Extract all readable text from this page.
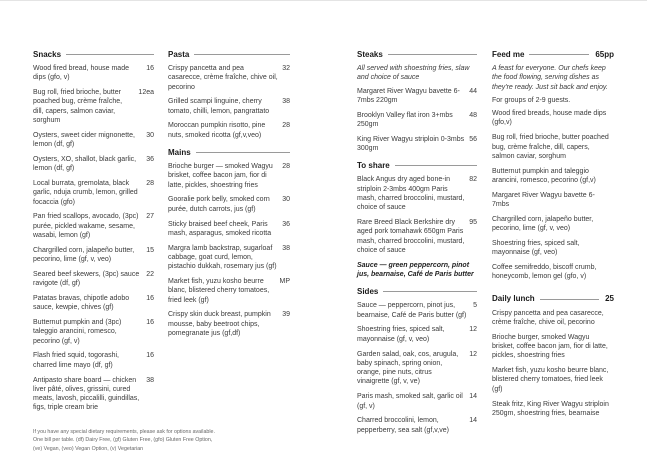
Snacks
Wood fired bread, house made dips (gfo, v)
16
Bug roll, fried brioche, butter poached bug, crème fraîche, dill, capers, salmon caviar, sorghum
12ea
Oysters, sweet cider mignonette, lemon (df, gf)
30
Oysters, XO, shallot, black garlic, lemon (df, gf)
36
Local burrata, gremolata, black garlic, nduja crumb, lemon, grilled focaccia (gfo)
28
Pan fried scallops, avocado, (3pc) purée, pickled wakame, sesame, wasabi, lemon (gf)
27
Chargrilled corn, jalapeño butter, pecorino, lime (gf, v, veo)
15
Seared beef skewers, (3pc) sauce ravigote (df, gf)
22
Patatas bravas, chipotle adobo sauce, kewpie, chives (gf)
16
Butternut pumpkin and (3pc) taleggio arancini, romesco, pecorino (gf, v)
16
Flash fried squid, togorashi, charred lime mayo (df, gf)
16
Antipasto share board — chicken liver pâté, olives, grissini, cured meats, lavosh, piccalilli, guindillas, figs, triple cream brie
38
Pasta
Crispy pancetta and pea casarecce, crème fraîche, chive oil, pecorino
32
Grilled scampi linguine, cherry tomato, chilli, lemon, pangrattato
38
Moroccan pumpkin risotto, pine nuts, smoked ricotta (gf,v,veo)
28
Mains
Brioche burger — smoked Wagyu brisket, coffee bacon jam, fior di latte, pickles, shoestring fries
28
Gooralie pork belly, smoked corn purée, dutch carrots, jus (gf)
30
Sticky braised beef cheek, Paris mash, asparagus, smoked ricotta
36
Margra lamb backstrap, sugarloaf cabbage, goat curd, lemon, pistachio dukkah, rosemary jus (gf)
38
Market fish, yuzu kosho beurre blanc, blistered cherry tomatoes, fried leek (gf)
MP
Crispy skin duck breast, pumpkin mousse, baby beetroot chips, pomegranate jus (gf,df)
39
If you have any special dietary requirements, please ask for options available.
One bill per table. (df) Dairy Free, (gf) Gluten Free, (gfo) Gluten Free Option,
(ve) Vegan, (veo) Vegan Option, (v) Vegetarian
Steaks
All served with shoestring fries, slaw and choice of sauce
Margaret River Wagyu bavette 6-7mbs 220gm
44
Brooklyn Valley flat iron 3+mbs 250gm
48
King River Wagyu striploin 0-3mbs 300gm
56
To share
Black Angus dry aged bone-in striploin 2-3mbs 400gm Paris mash, charred broccolini, mustard, choice of sauce
82
Rare Breed Black Berkshire dry aged pork tomahawk 650gm Paris mash, charred broccolini, mustard, choice of sauce
95
Sauce — green peppercorn, pinot jus, bearnaise, Café de Paris butter
Sides
Sauce — peppercorn, pinot jus, bearnaise, Café de Paris butter (gf)
5
Shoestring fries, spiced salt, mayonnaise (gf, v, veo)
12
Garden salad, oak, cos, arugula, baby spinach, spring onion, orange, pine nuts, citrus vinaigrette (gf, v, ve)
12
Paris mash, smoked salt, garlic oil (gf, v)
14
Charred broccolini, lemon, pepperberry, sea salt (gf,v,ve)
14
Feed me	65pp
A feast for everyone. Our chefs keep the food flowing, serving dishes as they're ready. Just sit back and enjoy.
For groups of 2-9 guests.
Wood fired breads, house made dips (gfo,v)
Bug roll, fried brioche, butter poached bug, crème fraîche, dill, capers, salmon caviar, sorghum
Butternut pumpkin and taleggio arancini, romesco, pecorino (gf,v)
Margaret River Wagyu bavette 6-7mbs
Chargrilled corn, jalapeño butter, pecorino, lime (gf, v, veo)
Shoestring fries, spiced salt, mayonnaise (gf, veo)
Coffee semifreddo, biscoff crumb, honeycomb, lemon gel (gfo, v)
Daily lunch	25
Crispy pancetta and pea casarecce, crème fraîche, chive oil, pecorino
Brioche burger, smoked Wagyu brisket, coffee bacon jam, fior di latte, pickles, shoestring fries
Market fish, yuzu kosho beurre blanc, blistered cherry tomatoes, fried leek (gf)
Steak fritz, King River Wagyu striploin 250gm, shoestring fries, bearnaise
